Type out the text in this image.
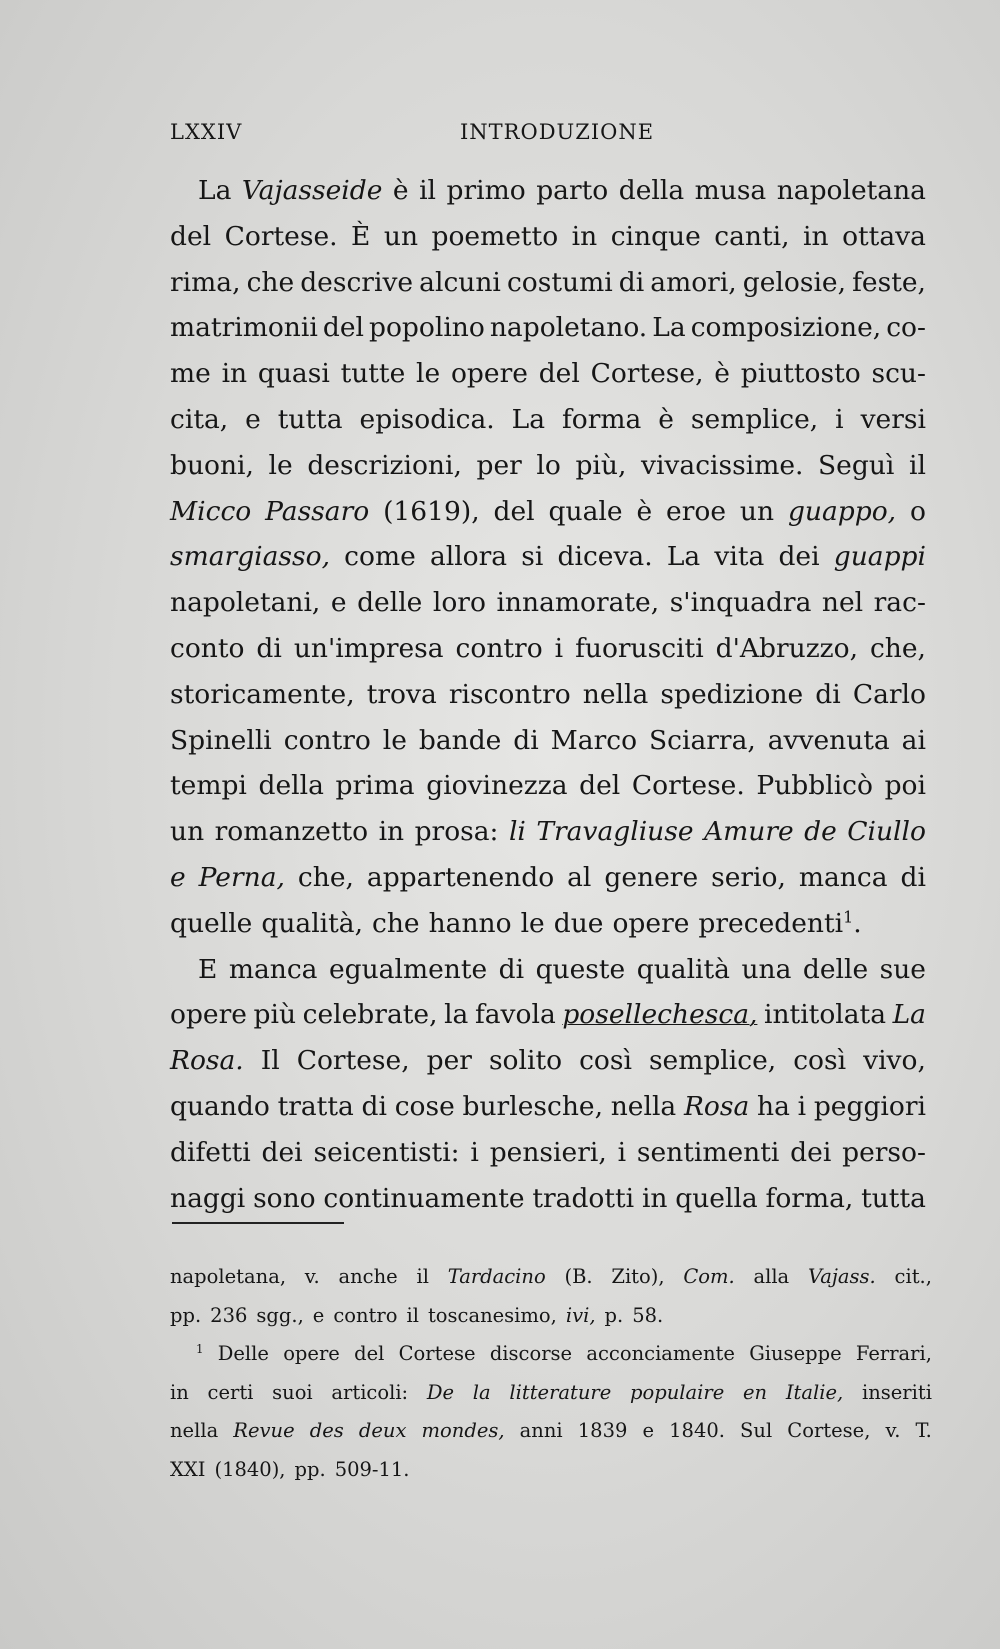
LXXIV	INTRODUZIONE
La Vajasseide è il primo parto della musa napoletana
del Cortese. È un poemetto in cinque canti, in ottava
rima, che descrive alcuni costumi di amori, gelosie, feste,
matrimonii del popolino napoletano. La composizione, co-
me in quasi tutte le opere del Cortese, è piuttosto scu-
cita, e tutta episodica. La forma è semplice, i versi
buoni, le descrizioni, per lo più, vivacissime. Seguì il
Micco Passaro (1619), del quale è eroe un guappo, o
smargiasso, come allora si diceva. La vita dei guappi
napoletani, e delle loro innamorate, s'inquadra nel rac-
conto di un'impresa contro i fuorusciti d'Abruzzo, che,
storicamente, trova riscontro nella spedizione di Carlo
Spinelli contro le bande di Marco Sciarra, avvenuta ai
tempi della prima giovinezza del Cortese. Pubblicò poi
un romanzetto in prosa: li Travagliuse Amure de Ciullo
e Perna, che, appartenendo al genere serio, manca di
quelle qualità, che hanno le due opere precedenti$^1$.
E manca egualmente di queste qualità una delle sue
opere più celebrate, la favola posellechesca, intitolata La
Rosa. Il Cortese, per solito così semplice, così vivo,
quando tratta di cose burlesche, nella Rosa ha i peggiori
difetti dei seicentisti: i pensieri, i sentimenti dei perso-
naggi sono continuamente tradotti in quella forma, tutta
napoletana, v. anche il Tardacino (B. Zito), Com. alla Vajass. cit.,
pp. 236 sgg., e contro il toscanesimo, ivi, p. 58.
$^1$ Delle opere del Cortese discorse acconciamente Giuseppe Ferrari,
in certi suoi articoli: De la litterature populaire en Italie, inseriti
nella Revue des deux mondes, anni 1839 e 1840. Sul Cortese, v. T.
XXI (1840), pp. 509-11.
